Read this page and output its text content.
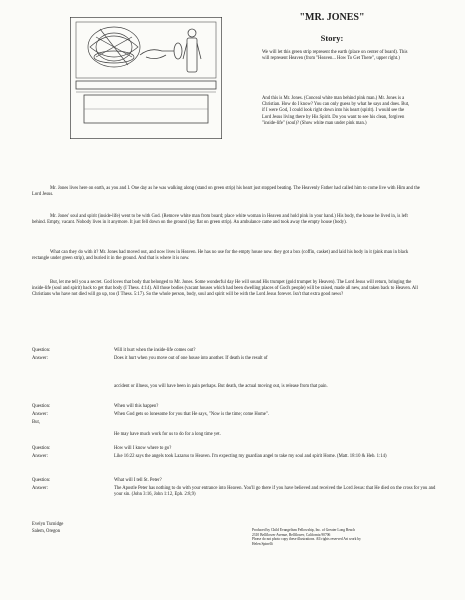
"MR. JONES"
Story:

We will let this green strip represent the earth (place on center of board). This will represent Heaven (from "Heaven... How To Get There", upper right.)

And this is Mr. Jones. (Conceal white man behind pink man.) Mr. Jones is a Christian. How do I know? You can only guess by what he says and does. But, if I were God, I could look right down into his heart (spirit). I would see the Lord Jesus living there by His Spirit. Do you want to see his clean, forgiven "inside-life" (soul)? (Show white man under pink man.)

Mr. Jones lives here on earth, as you and I. One day as he was walking along (stand on green strip) his heart just stopped beating. The Heavenly Father had called him to come live with Him and the Lord Jesus.

Mr. Jones' soul and spirit (inside-life) went to be with God. (Remove white man from board; place white woman in Heaven and hold pink in your hand.) His body, the house he lived in, is left behind. Empty, vacant. Nobody lives in it anymore. It just fell down on the ground (lay flat on green strip). An ambulance came and took away the empty house (body).

What can they do with it? Mr. Jones had moved out, and now lives in Heaven. He has no use for the empty house now. they got a box (coffin, casket) and laid his body in it (pink man in black rectangle under green strip), and buried it in the ground. And that is where it is now.

But, let me tell you a secret. God loves that body that belonged to Mr. Jones. Some wonderful day He will sound His trumpet (gold trumpet by Heaven). The Lord Jesus will return, bringing the inside-life (soul and spirit) back to get that body (I Thess. 4:14). All those bodies (vacant houses which had been dwelling places of God's people) will be raised, made all new, and taken back to Heaven. All Christians who have not died will go up, too (I Thess. 5:17). So the whole person, body, soul and spirit will be with the Lord Jesus forever. Isn't that extra good news?

Question:	Will it hurt when the inside-life comes out?
Answer:	Does it hurt when you move out of one house into another. If death is the result of
accident or illness, you will have been in pain perhaps. But death, the actual moving out, is release from that pain.
Question:	When will this happen?
Answer:	When God gets so lonesome for you that He says, "Now is the time; come Home".
But,
He may have much work for us to do for a long time yet.
Question:	How will I know where to go?
Answer:	Like 16:22 says the angels took Lazarus to Heaven. I'm expecting my guardian angel to take my soul and spirit Home. (Matt. 18:10 & Heb. 1:14)
Question:	What will I tell St. Peter?
Answer:	The Apostle Peter has nothing to do with your entrance into Heaven. You'll go there if you have believed and received the Lord Jesus: that He died on the cross for you and your sin. (John 3:16, John 1:12, Eph. 2:8,9)
Evelyn Turnidge
Salem, Oregon	Produced by Child Evangelism Fellowship, Inc. of Greater Long Beach
2310 Bellflower Avenue, Bellflower, California 90706
Please do not photo copy these illustrations. All rights reserved Art work by
Helen Spinelli
